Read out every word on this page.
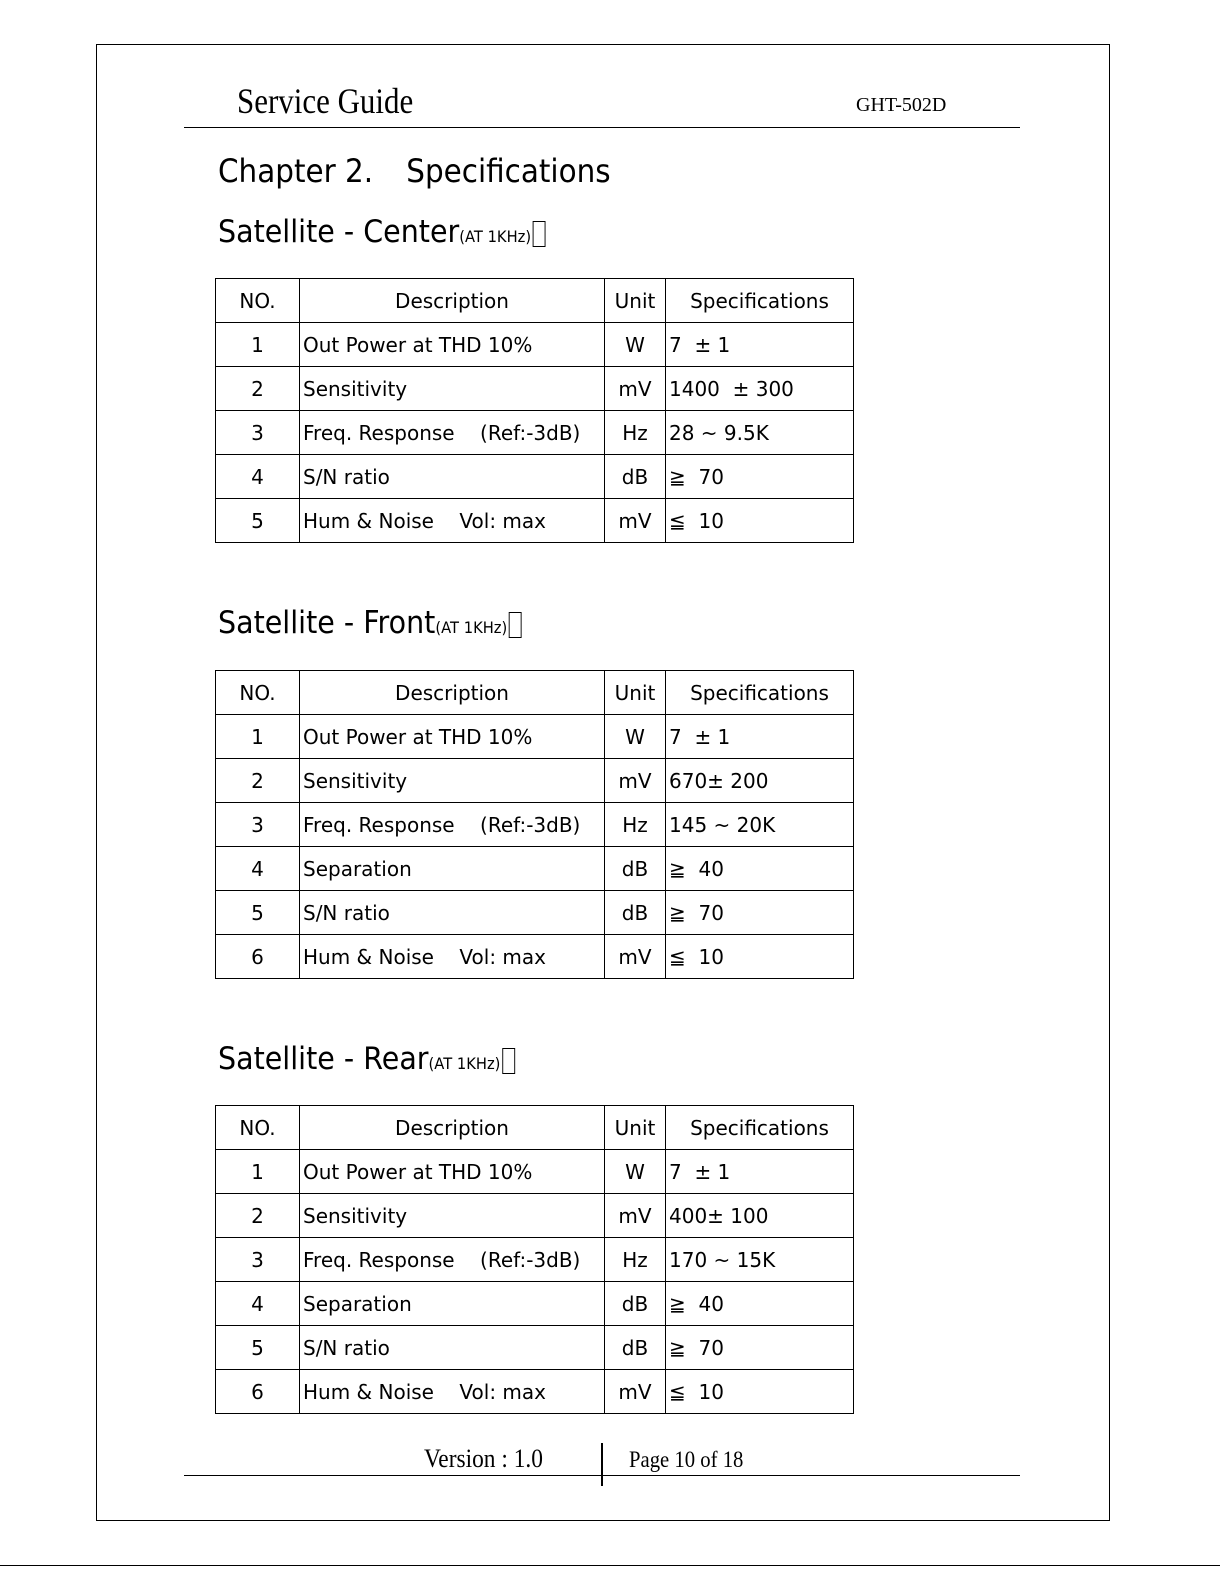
Service Guide	GHT-502D
Chapter 2. Specifications
Satellite - Center(AT 1KHz)
NO.	Description	Unit	Specifications
1	Out Power at THD 10%	W	7  ± 1
2	Sensitivity	mV	1400  ± 300
3	Freq. Response    (Ref:-3dB)	Hz	28 ~ 9.5K
4	S/N ratio	dB	≧  70
5	Hum & Noise    Vol: max	mV	≦  10
Satellite - Front(AT 1KHz)
NO.	Description	Unit	Specifications
1	Out Power at THD 10%	W	7  ± 1
2	Sensitivity	mV	670± 200
3	Freq. Response    (Ref:-3dB)	Hz	145 ~ 20K
4	Separation	dB	≧  40
5	S/N ratio	dB	≧  70
6	Hum & Noise    Vol: max	mV	≦  10
Satellite - Rear(AT 1KHz)
NO.	Description	Unit	Specifications
1	Out Power at THD 10%	W	7  ± 1
2	Sensitivity	mV	400± 100
3	Freq. Response    (Ref:-3dB)	Hz	170 ~ 15K
4	Separation	dB	≧  40
5	S/N ratio	dB	≧  70
6	Hum & Noise    Vol: max	mV	≦  10
Version : 1.0	Page 10 of 18
